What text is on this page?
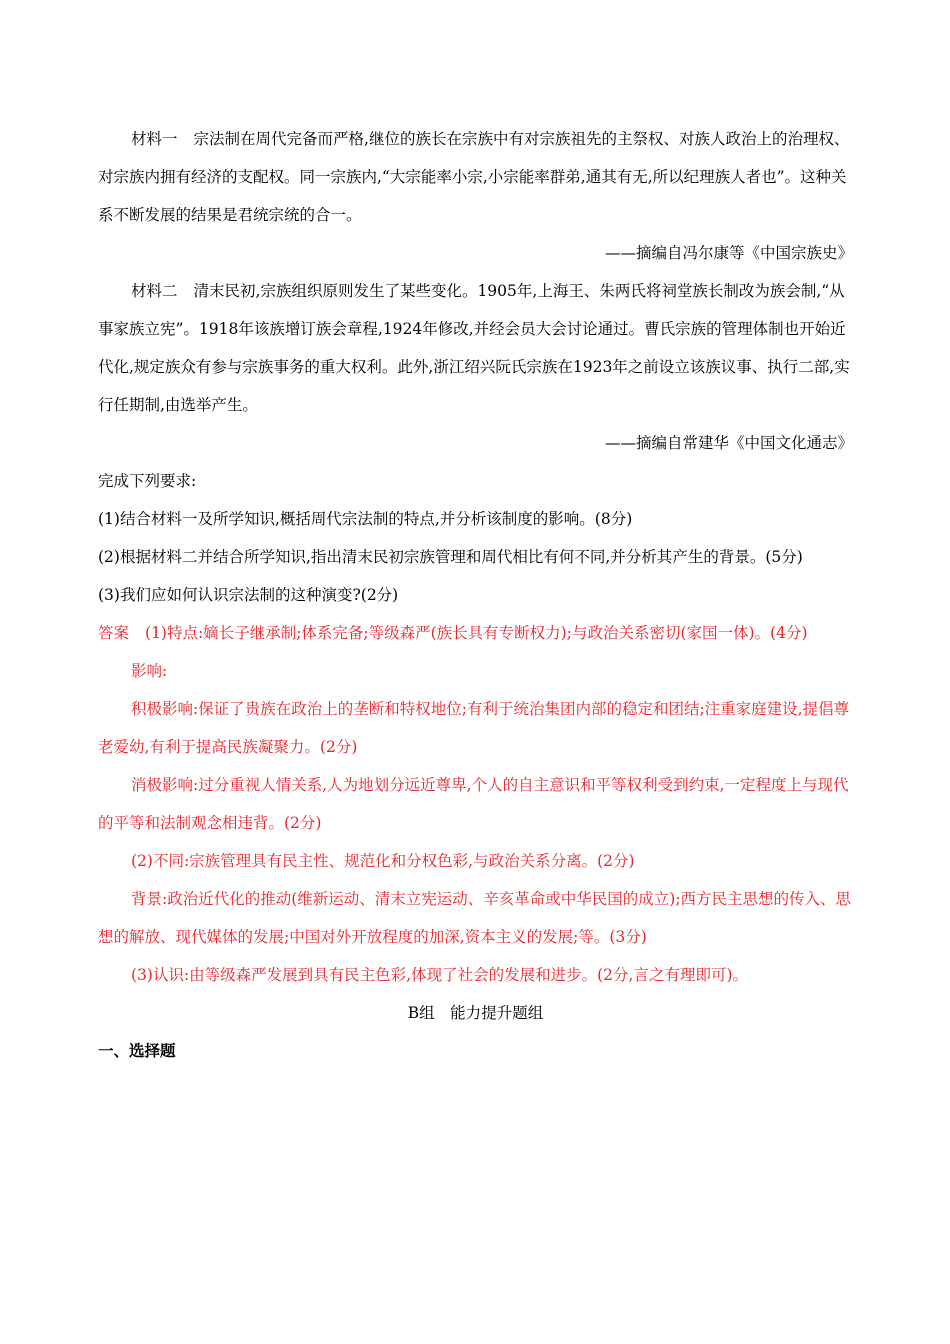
材料一 宗法制在周代完备而严格,继位的族长在宗族中有对宗族祖先的主祭权、对族人政治上的治理权、对宗族内拥有经济的支配权。同一宗族内,“大宗能率小宗,小宗能率群弟,通其有无,所以纪理族人者也”。这种关系不断发展的结果是君统宗统的合一。

——摘编自冯尔康等《中国宗族史》

材料二 清末民初,宗族组织原则发生了某些变化。1905年,上海王、朱两氏将祠堂族长制改为族会制,“从事家族立宪”。1918年该族增订族会章程,1924年修改,并经会员大会讨论通过。曹氏宗族的管理体制也开始近代化,规定族众有参与宗族事务的重大权利。此外,浙江绍兴阮氏宗族在1923年之前设立该族议事、执行二部,实行任期制,由选举产生。

——摘编自常建华《中国文化通志》

完成下列要求:

(1)结合材料一及所学知识,概括周代宗法制的特点,并分析该制度的影响。(8分)

(2)根据材料二并结合所学知识,指出清末民初宗族管理和周代相比有何不同,并分析其产生的背景。(5分)

(3)我们应如何认识宗法制的这种演变?(2分)

答案 (1)特点:嫡长子继承制;体系完备;等级森严(族长具有专断权力);与政治关系密切(家国一体)。(4分)

影响:

积极影响:保证了贵族在政治上的垄断和特权地位;有利于统治集团内部的稳定和团结;注重家庭建设,提倡尊老爱幼,有利于提高民族凝聚力。(2分)

消极影响:过分重视人情关系,人为地划分远近尊卑,个人的自主意识和平等权利受到约束,一定程度上与现代的平等和法制观念相违背。(2分)

(2)不同:宗族管理具有民主性、规范化和分权色彩,与政治关系分离。(2分)

背景:政治近代化的推动(维新运动、清末立宪运动、辛亥革命或中华民国的成立);西方民主思想的传入、思想的解放、现代媒体的发展;中国对外开放程度的加深,资本主义的发展;等。(3分)

(3)认识:由等级森严发展到具有民主色彩,体现了社会的发展和进步。(2分,言之有理即可)。

B组　能力提升题组

一、选择题
